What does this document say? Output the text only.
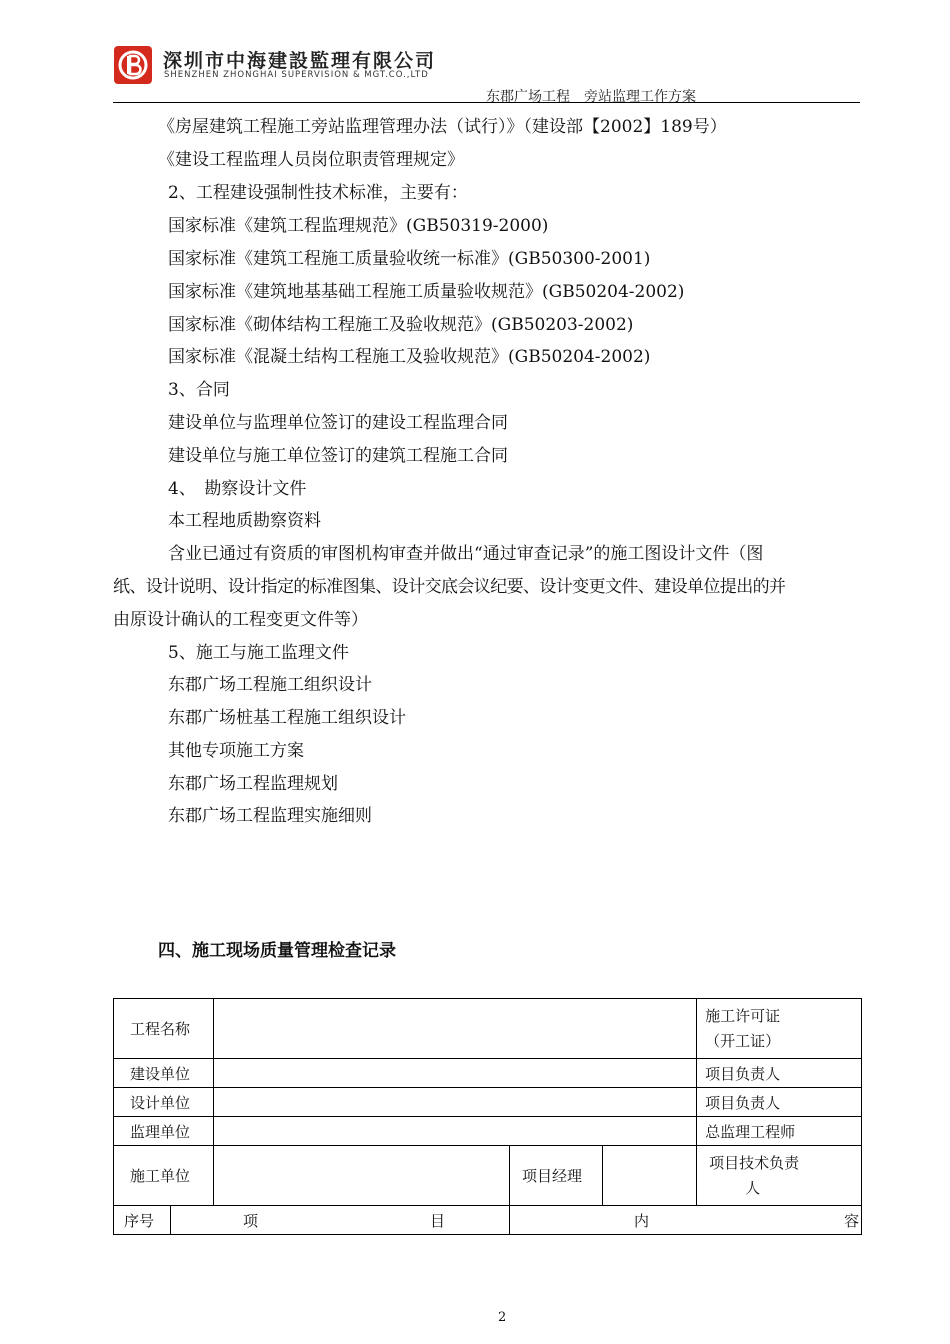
深圳市中海建設監理有限公司
SHENZHEN ZHONGHAI SUPERVISION & MGT.CO.,LTD
东郡广场工程　旁站监理工作方案
《房屋建筑工程施工旁站监理管理办法（试行）》（建设部【2002】189号）
《建设工程监理人员岗位职责管理规定》
2、工程建设强制性技术标准，主要有：
国家标准《建筑工程监理规范》(GB50319-2000)
国家标准《建筑工程施工质量验收统一标准》(GB50300-2001)
国家标准《建筑地基基础工程施工质量验收规范》(GB50204-2002)
国家标准《砌体结构工程施工及验收规范》(GB50203-2002)
国家标准《混凝土结构工程施工及验收规范》(GB50204-2002)
3、合同
建设单位与监理单位签订的建设工程监理合同
建设单位与施工单位签订的建筑工程施工合同
4、　勘察设计文件
本工程地质勘察资料
含业已通过有资质的审图机构审查并做出“通过审查记录”的施工图设计文件（图
纸、设计说明、设计指定的标准图集、设计交底会议纪要、设计变更文件、建设单位提出的并
由原设计确认的工程变更文件等）
5、施工与施工监理文件
东郡广场工程施工组织设计
东郡广场桩基工程施工组织设计
其他专项施工方案
东郡广场工程监理规划
东郡广场工程监理实施细则
四、施工现场质量管理检查记录
工程名称					施工许可证
（开工证）	

建设单位					项目负责人	
设计单位					项目负责人	
监理单位					总监理工程师	
施工单位			项目经理		项目技术负责
人	

序号	项 目		内 容			
2
